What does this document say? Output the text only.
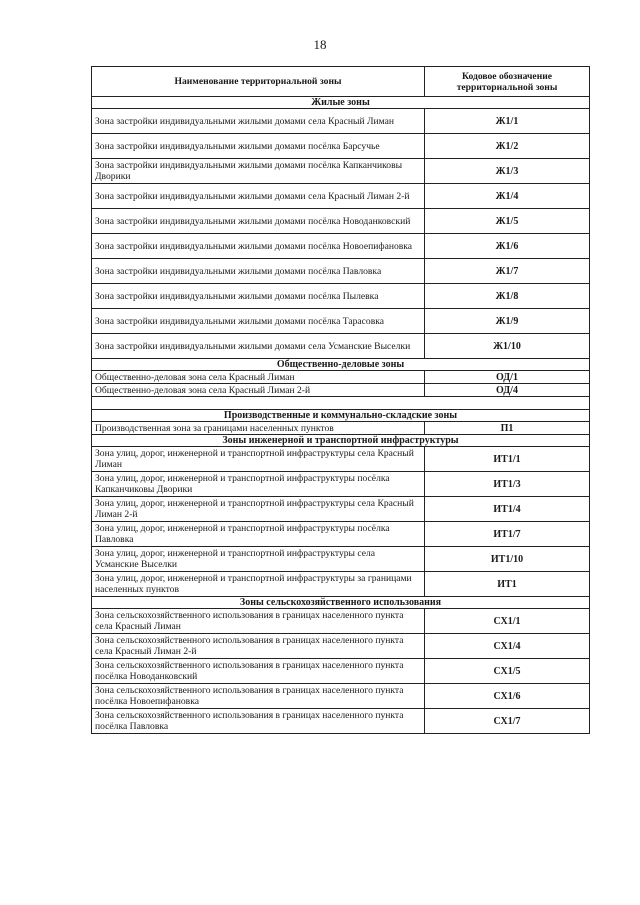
18
Наименование территориальной зоны	Кодовое обозначение территориальной зоны
Жилые зоны	
Зона застройки индивидуальными жилыми домами села Красный Лиман	Ж1/1
Зона застройки индивидуальными жилыми домами посёлка Барсучье	Ж1/2
Зона застройки индивидуальными жилыми домами посёлка Капканчиковы Дворики	Ж1/3
Зона застройки индивидуальными жилыми домами села Красный Лиман 2-й	Ж1/4
Зона застройки индивидуальными жилыми домами посёлка Новоданковский	Ж1/5
Зона застройки индивидуальными жилыми домами посёлка Новоепифановка	Ж1/6
Зона застройки индивидуальными жилыми домами посёлка Павловка	Ж1/7
Зона застройки индивидуальными жилыми домами посёлка Пылевка	Ж1/8
Зона застройки индивидуальными жилыми домами посёлка Тарасовка	Ж1/9
Зона застройки индивидуальными жилыми домами села Усманские Выселки	Ж1/10
Общественно-деловые зоны	
Общественно-деловая зона села Красный Лиман	ОД/1
Общественно-деловая зона села Красный Лиман 2-й	ОД/4

Производственные и коммунально-складские зоны	
Производственная зона за границами населенных пунктов	П1
Зоны инженерной и транспортной инфраструктуры	
Зона улиц, дорог, инженерной и транспортной инфраструктуры села Красный Лиман	ИТ1/1
Зона улиц, дорог, инженерной и транспортной инфраструктуры посёлка Капканчиковы Дворики	ИТ1/3
Зона улиц, дорог, инженерной и транспортной инфраструктуры села Красный Лиман 2-й	ИТ1/4
Зона улиц, дорог, инженерной и транспортной инфраструктуры посёлка Павловка	ИТ1/7
Зона улиц, дорог, инженерной и транспортной инфраструктуры села Усманские Выселки	ИТ1/10
Зона улиц, дорог, инженерной и транспортной инфраструктуры за границами населенных пунктов	ИТ1
Зоны сельскохозяйственного использования	
Зона сельскохозяйственного использования в границах населенного пункта села Красный Лиман	СХ1/1
Зона сельскохозяйственного использования в границах населенного пункта села Красный Лиман 2-й	СХ1/4
Зона сельскохозяйственного использования в границах населенного пункта посёлка Новоданковский	СХ1/5
Зона сельскохозяйственного использования в границах населенного пункта посёлка Новоепифановка	СХ1/6
Зона сельскохозяйственного использования в границах населенного пункта посёлка Павловка	СХ1/7
